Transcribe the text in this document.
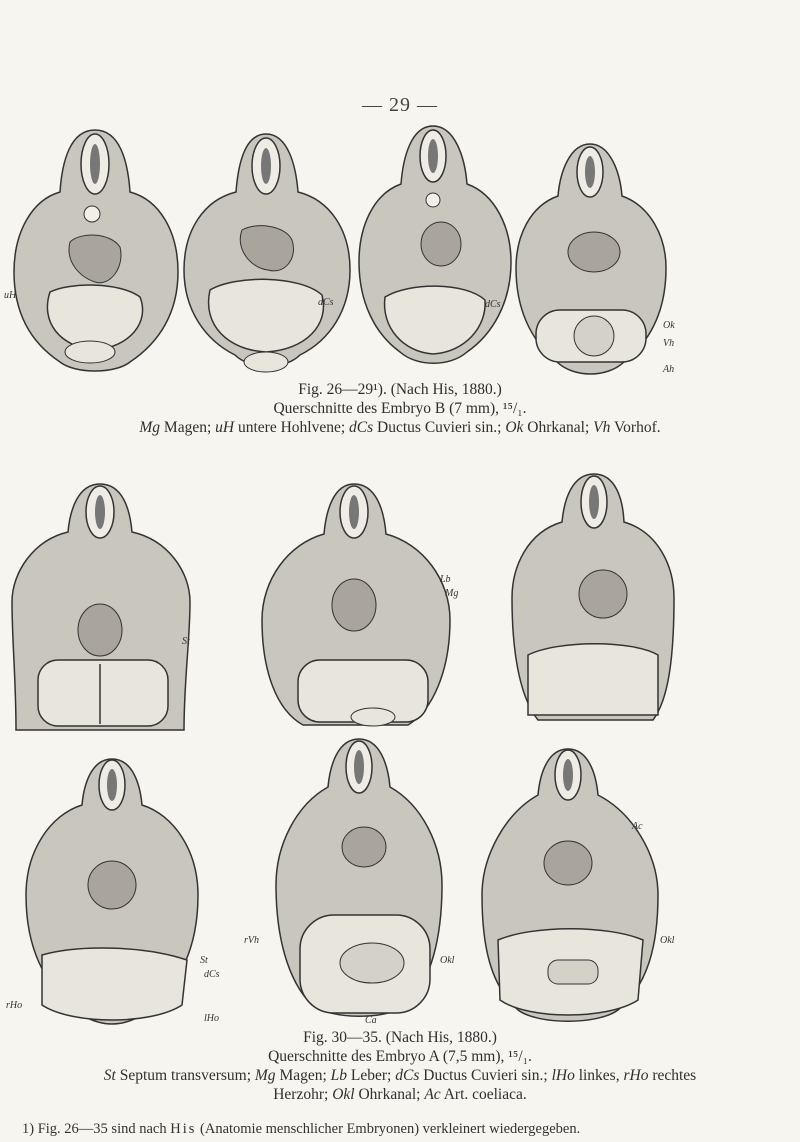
— 29 —
uH
dCs	dCs
Ok
Vh
Ah
Fig. 26—29¹). (Nach His, 1880.)
Querschnitte des Embryo B (7 mm), ¹⁵/₁.
Mg Magen; uH untere Hohlvene; dCs Ductus Cuvieri sin.; Ok Ohrkanal; Vh Vorhof.
St
Lb
Mg
St
dCs
rHo
lHo
rVh
Okl
Okl
Ca
Ac
Fig. 30—35. (Nach His, 1880.)
Querschnitte des Embryo A (7,5 mm), ¹⁵/₁.
St Septum transversum; Mg Magen; Lb Leber; dCs Ductus Cuvieri sin.; lHo linkes, rHo rechtes
Herzohr; Okl Ohrkanal; Ac Art. coeliaca.
1) Fig. 26—35 sind nach His (Anatomie menschlicher Embryonen) verkleinert wiedergegeben.
